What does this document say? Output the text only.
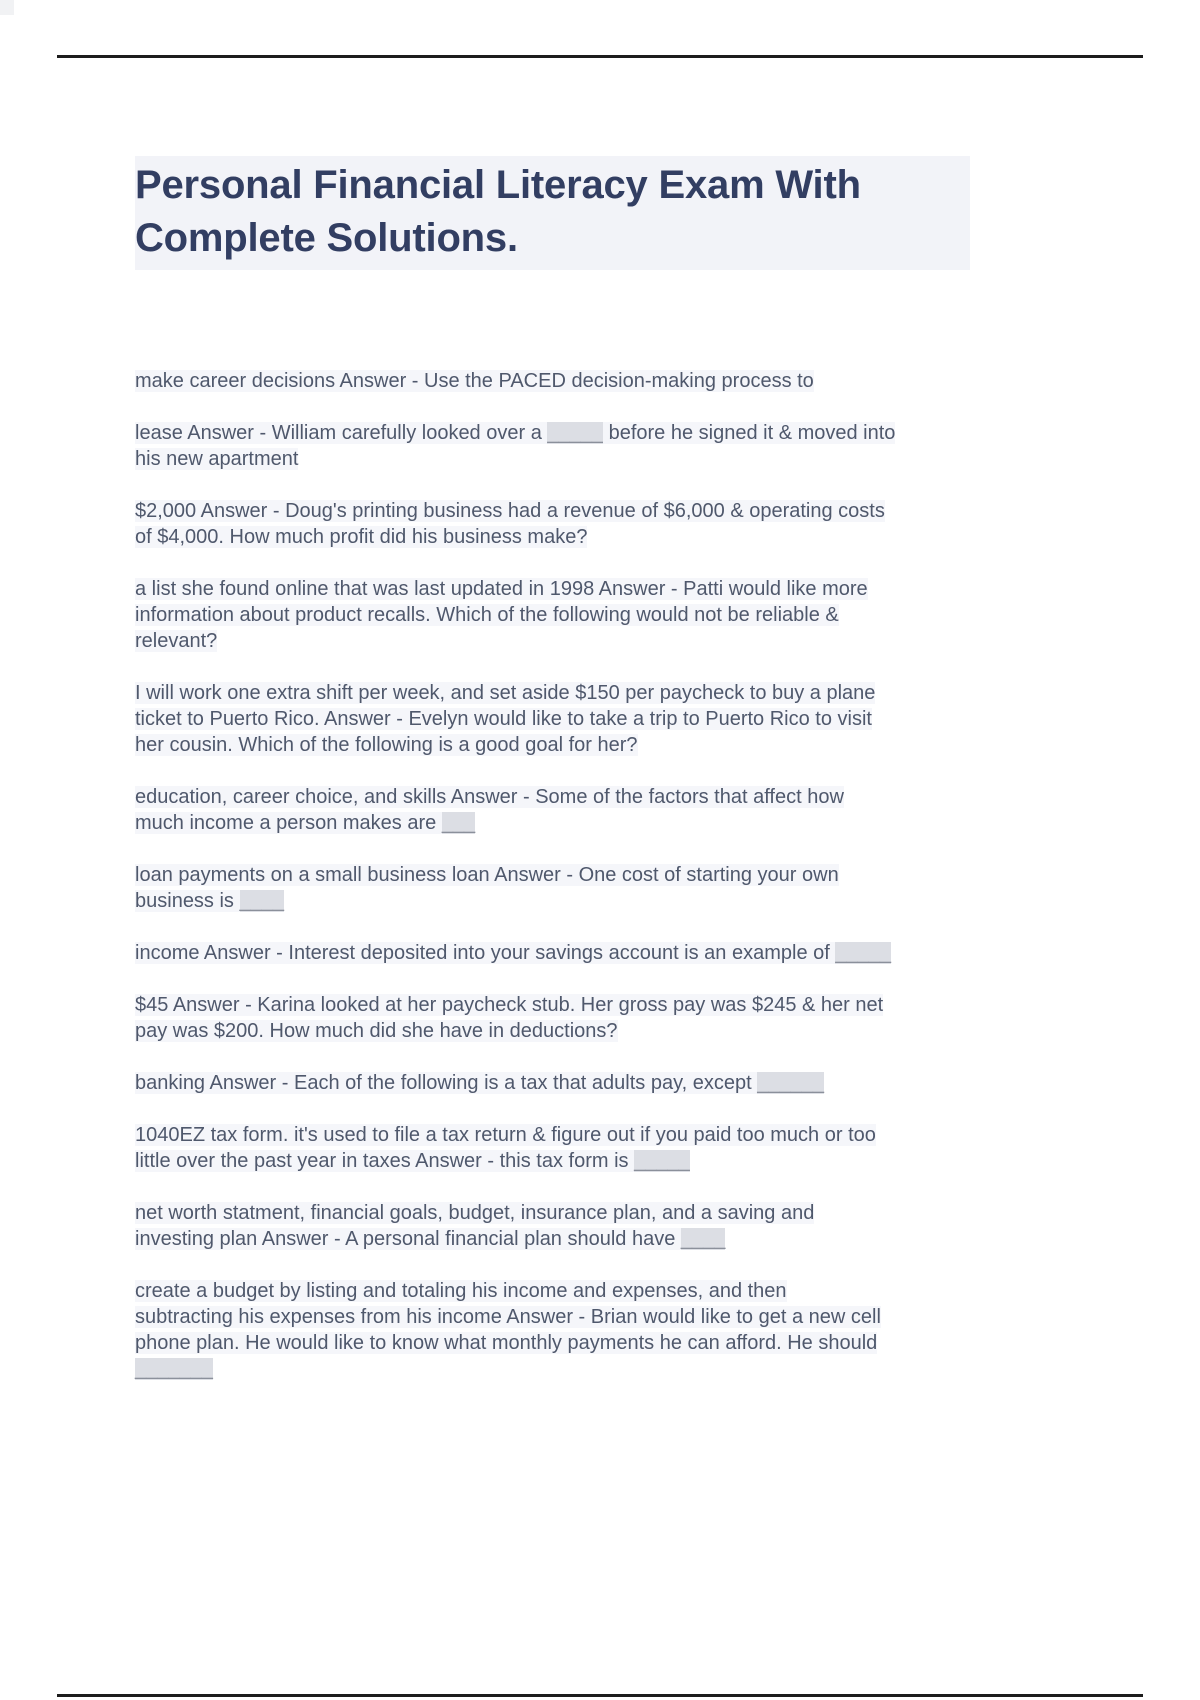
Personal Financial Literacy Exam With
Complete Solutions.

make career decisions Answer - Use the PACED decision-making process to

lease Answer - William carefully looked over a _____ before he signed it & moved into
his new apartment

$2,000 Answer - Doug's printing business had a revenue of $6,000 & operating costs
of $4,000. How much profit did his business make?

a list she found online that was last updated in 1998 Answer - Patti would like more
information about product recalls. Which of the following would not be reliable &
relevant?

I will work one extra shift per week, and set aside $150 per paycheck to buy a plane
ticket to Puerto Rico. Answer - Evelyn would like to take a trip to Puerto Rico to visit
her cousin. Which of the following is a good goal for her?

education, career choice, and skills Answer - Some of the factors that affect how
much income a person makes are ___

loan payments on a small business loan Answer - One cost of starting your own
business is ____

income Answer - Interest deposited into your savings account is an example of _____

$45 Answer - Karina looked at her paycheck stub. Her gross pay was $245 & her net
pay was $200. How much did she have in deductions?

banking Answer - Each of the following is a tax that adults pay, except ______

1040EZ tax form. it's used to file a tax return & figure out if you paid too much or too
little over the past year in taxes Answer - this tax form is _____

net worth statment, financial goals, budget, insurance plan, and a saving and
investing plan Answer - A personal financial plan should have ____

create a budget by listing and totaling his income and expenses, and then
subtracting his expenses from his income Answer - Brian would like to get a new cell
phone plan. He would like to know what monthly payments he can afford. He should
_______
